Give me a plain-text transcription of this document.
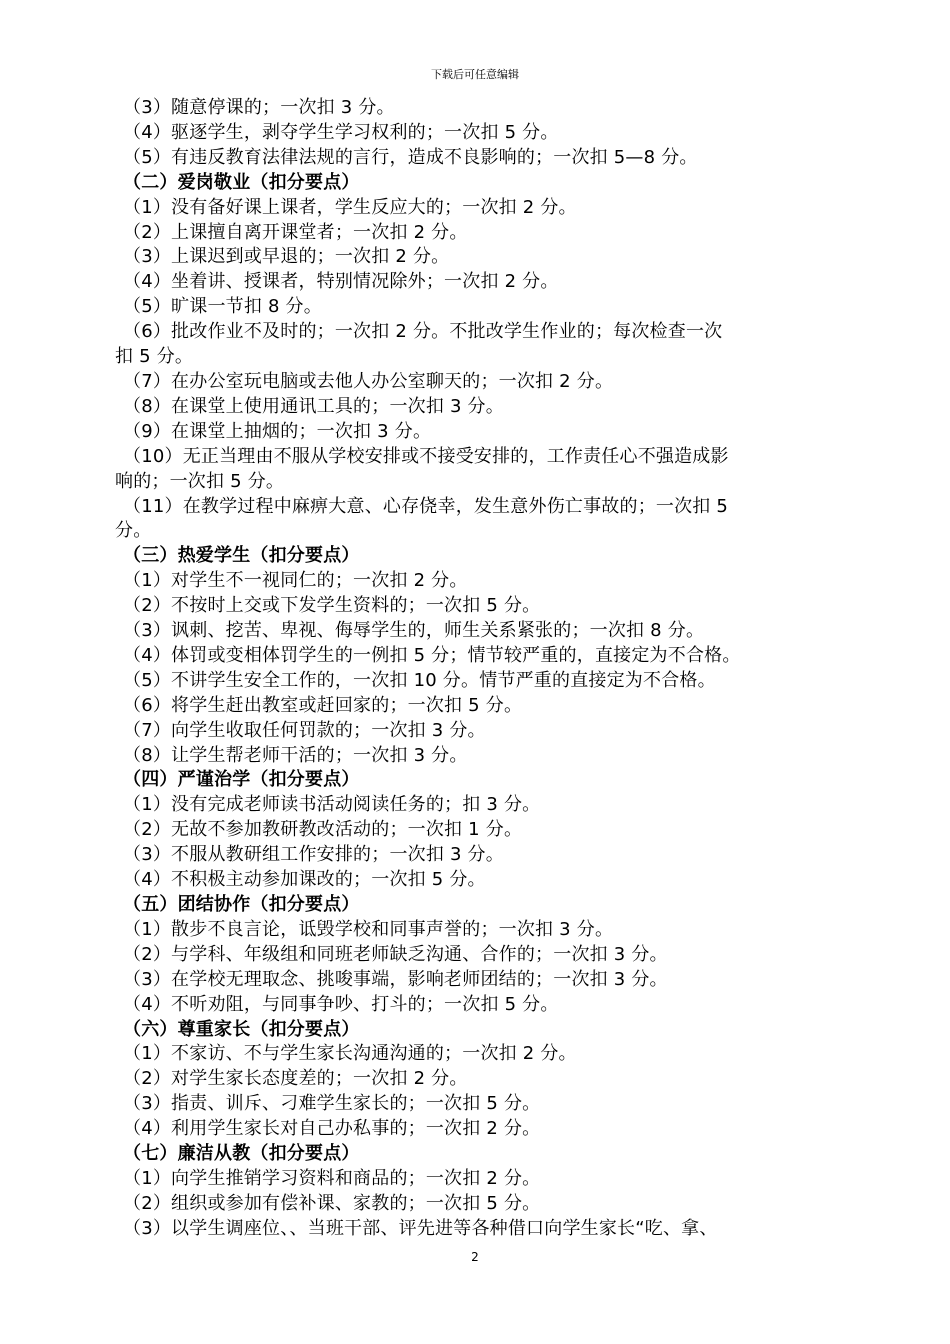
下载后可任意编辑
（3）随意停课的；一次扣 3 分。
（4）驱逐学生，剥夺学生学习权利的；一次扣 5 分。
（5）有违反教育法律法规的言行，造成不良影响的；一次扣 5—8 分。
（二）爱岗敬业（扣分要点）
（1）没有备好课上课者，学生反应大的；一次扣 2 分。
（2）上课擅自离开课堂者；一次扣 2 分。
（3）上课迟到或早退的；一次扣 2 分。
（4）坐着讲、授课者，特别情况除外；一次扣 2 分。
（5）旷课一节扣 8 分。
（6）批改作业不及时的；一次扣 2 分。不批改学生作业的；每次检查一次
扣 5 分。
（7）在办公室玩电脑或去他人办公室聊天的；一次扣 2 分。
（8）在课堂上使用通讯工具的；一次扣 3 分。
（9）在课堂上抽烟的；一次扣 3 分。
（10）无正当理由不服从学校安排或不接受安排的，工作责任心不强造成影
响的；一次扣 5 分。
（11）在教学过程中麻痹大意、心存侥幸，发生意外伤亡事故的；一次扣 5
分。
（三）热爱学生（扣分要点）
（1）对学生不一视同仁的；一次扣 2 分。
（2）不按时上交或下发学生资料的；一次扣 5 分。
（3）讽刺、挖苦、卑视、侮辱学生的，师生关系紧张的；一次扣 8 分。
（4）体罚或变相体罚学生的一例扣 5 分；情节较严重的，直接定为不合格。
（5）不讲学生安全工作的，一次扣 10 分。情节严重的直接定为不合格。
（6）将学生赶出教室或赶回家的；一次扣 5 分。
（7）向学生收取任何罚款的；一次扣 3 分。
（8）让学生帮老师干活的；一次扣 3 分。
（四）严谨治学（扣分要点）
（1）没有完成老师读书活动阅读任务的；扣 3 分。
（2）无故不参加教研教改活动的；一次扣 1 分。
（3）不服从教研组工作安排的；一次扣 3 分。
（4）不积极主动参加课改的；一次扣 5 分。
（五）团结协作（扣分要点）
（1）散步不良言论，诋毁学校和同事声誉的；一次扣 3 分。
（2）与学科、年级组和同班老师缺乏沟通、合作的；一次扣 3 分。
（3）在学校无理取念、挑唆事端，影响老师团结的；一次扣 3 分。
（4）不听劝阻，与同事争吵、打斗的；一次扣 5 分。
（六）尊重家长（扣分要点）
（1）不家访、不与学生家长沟通沟通的；一次扣 2 分。
（2）对学生家长态度差的；一次扣 2 分。
（3）指责、训斥、刁难学生家长的；一次扣 5 分。
（4）利用学生家长对自己办私事的；一次扣 2 分。
（七）廉洁从教（扣分要点）
（1）向学生推销学习资料和商品的；一次扣 2 分。
（2）组织或参加有偿补课、家教的；一次扣 5 分。
（3）以学生调座位、、当班干部、评先进等各种借口向学生家长“吃、拿、
2
